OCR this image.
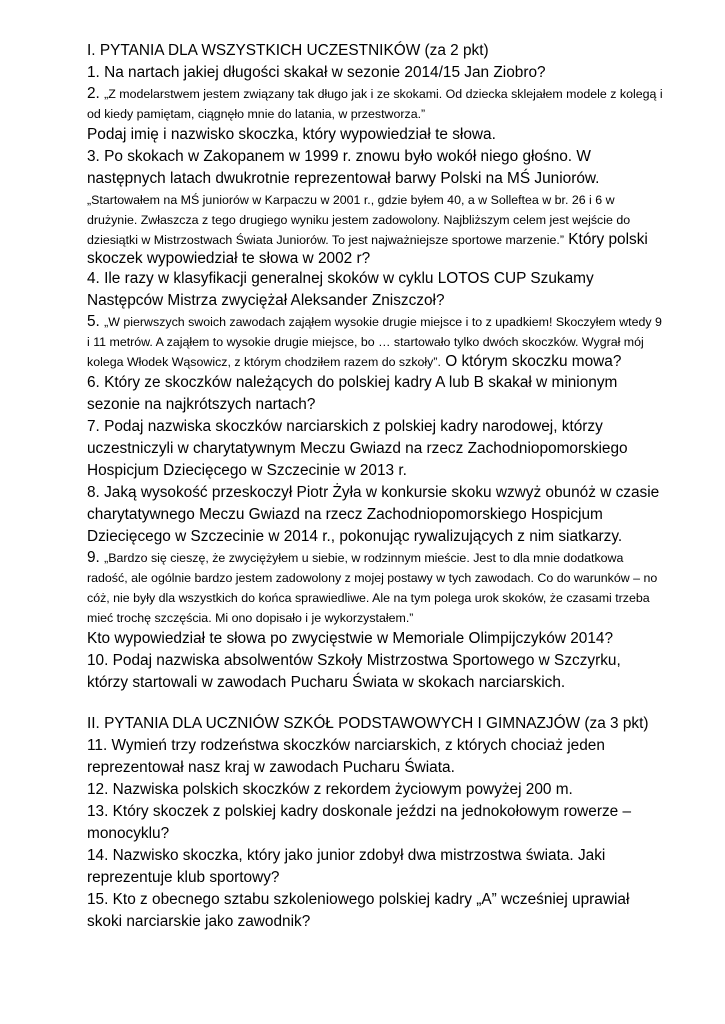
I. PYTANIA DLA WSZYSTKICH UCZESTNIKÓW (za 2 pkt)

1. Na nartach jakiej długości skakał w sezonie 2014/15 Jan Ziobro?

2. „Z modelarstwem jestem związany tak długo jak i ze skokami. Od dziecka sklejałem modele z kolegą i od kiedy pamiętam, ciągnęło mnie do latania, w przestworza.”

Podaj imię i nazwisko skoczka, który wypowiedział te słowa.

3. Po skokach w Zakopanem w 1999 r. znowu było wokół niego głośno. W następnych latach dwukrotnie reprezentował barwy Polski na MŚ Juniorów.

„Startowałem na MŚ juniorów w Karpaczu w 2001 r., gdzie byłem 40, a w Solleftea w br. 26 i 6 w drużynie. Zwłaszcza z tego drugiego wyniku jestem zadowolony. Najbliższym celem jest wejście do dziesiątki w Mistrzostwach Świata Juniorów. To jest najważniejsze sportowe marzenie.” Który polski skoczek wypowiedział te słowa w 2002 r?

4. Ile razy w klasyfikacji generalnej skoków w cyklu LOTOS CUP Szukamy Następców Mistrza zwyciężał Aleksander Zniszczoł?

5. „W pierwszych swoich zawodach zająłem wysokie drugie miejsce i to z upadkiem! Skoczyłem wtedy 9 i 11 metrów. A zająłem to wysokie drugie miejsce, bo … startowało tylko dwóch skoczków. Wygrał mój kolega Włodek Wąsowicz, z którym chodziłem razem do szkoły”. O którym skoczku mowa?

6. Który ze skoczków należących do polskiej kadry A lub B skakał w minionym sezonie na najkrótszych nartach?

7. Podaj nazwiska skoczków narciarskich z polskiej kadry narodowej, którzy uczestniczyli w charytatywnym Meczu Gwiazd na rzecz Zachodniopomorskiego Hospicjum Dziecięcego w Szczecinie w 2013 r.

8. Jaką wysokość przeskoczył Piotr Żyła w konkursie skoku wzwyż obunóż w czasie charytatywnego Meczu Gwiazd na rzecz Zachodniopomorskiego Hospicjum Dziecięcego w Szczecinie w 2014 r., pokonując rywalizujących z nim siatkarzy.

9. „Bardzo się cieszę, że zwyciężyłem u siebie, w rodzinnym mieście. Jest to dla mnie dodatkowa radość, ale ogólnie bardzo jestem zadowolony z mojej postawy w tych zawodach. Co do warunków – no cóż, nie były dla wszystkich do końca sprawiedliwe. Ale na tym polega urok skoków, że czasami trzeba mieć trochę szczęścia. Mi ono dopisało i je wykorzystałem.”

Kto wypowiedział te słowa po zwycięstwie w Memoriale Olimpijczyków 2014?

10. Podaj nazwiska absolwentów Szkoły Mistrzostwa Sportowego w Szczyrku, którzy startowali w zawodach Pucharu Świata w skokach narciarskich.

II. PYTANIA DLA UCZNIÓW SZKÓŁ PODSTAWOWYCH I GIMNAZJÓW (za 3 pkt)

11. Wymień trzy rodzeństwa skoczków narciarskich, z których chociaż jeden reprezentował nasz kraj w zawodach Pucharu Świata.

12. Nazwiska polskich skoczków z rekordem życiowym powyżej 200 m.

13. Który skoczek z polskiej kadry doskonale jeździ na jednokołowym rowerze – monocyklu?

14. Nazwisko skoczka, który jako junior zdobył dwa mistrzostwa świata. Jaki reprezentuje klub sportowy?

15. Kto z obecnego sztabu szkoleniowego polskiej kadry „A” wcześniej uprawiał skoki narciarskie jako zawodnik?
